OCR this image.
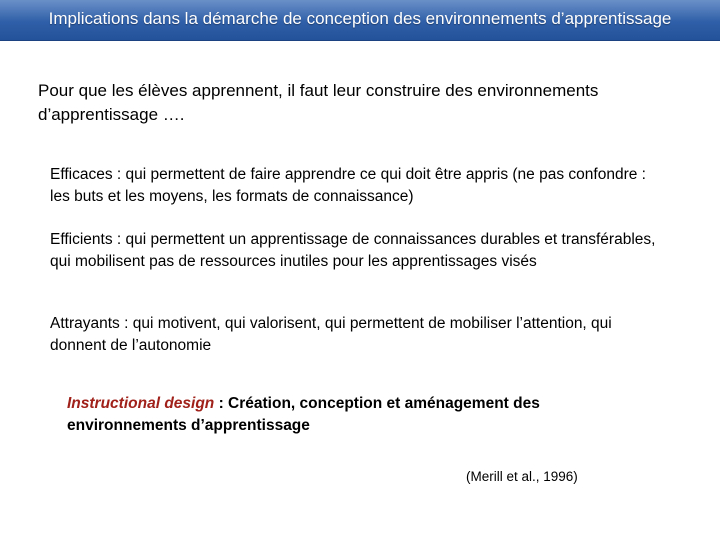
Implications dans la démarche de conception des environnements d’apprentissage
Pour que les élèves apprennent, il faut leur construire des environnements d’apprentissage ….
Efficaces : qui permettent de faire apprendre ce qui doit être appris (ne pas confondre : les buts et les moyens, les formats de connaissance)
Efficients : qui permettent un apprentissage de connaissances durables et transférables, qui mobilisent pas de ressources inutiles pour les apprentissages visés
Attrayants : qui motivent, qui valorisent, qui permettent de mobiliser l’attention, qui donnent de l’autonomie
Instructional design : Création, conception et aménagement des environnements d’apprentissage
(Merill et al., 1996)
